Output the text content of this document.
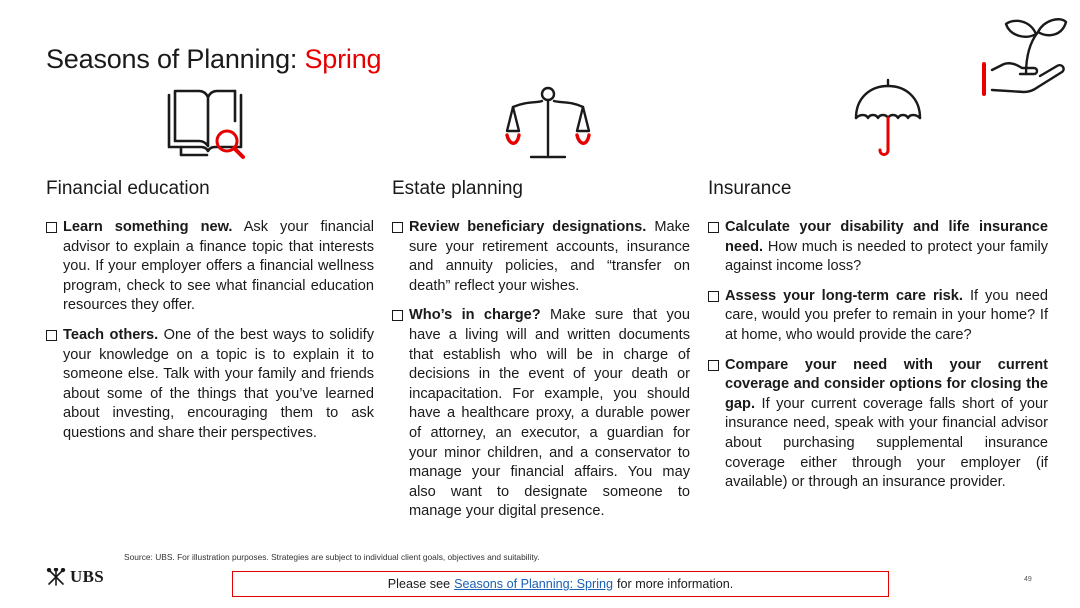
Seasons of Planning: Spring
Financial education
Learn something new. Ask your financial advisor to explain a finance topic that interests you. If your employer offers a financial wellness program, check to see what financial education resources they offer.
Teach others. One of the best ways to solidify your knowledge on a topic is to explain it to someone else. Talk with your family and friends about some of the things that you’ve learned about investing, encouraging them to ask questions and share their perspectives.
Estate planning
Review beneficiary designations. Make sure your retirement accounts, insurance and annuity policies, and “transfer on death” reflect your wishes.
Who’s in charge? Make sure that you have a living will and written documents that establish who will be in charge of decisions in the event of your death or incapacitation. For example, you should have a healthcare proxy, a durable power of attorney, an executor, a guardian for your minor children, and a conservator to manage your financial affairs. You may also want to designate someone to manage your digital presence.
Insurance
Calculate your disability and life insurance need. How much is needed to protect your family against income loss?
Assess your long-term care risk. If you need care, would you prefer to remain in your home? If at home, who would provide the care?
Compare your need with your current coverage and consider options for closing the gap. If your current coverage falls short of your insurance need, speak with your financial advisor about purchasing supplemental insurance coverage either through your employer (if available) or through an insurance provider.
Source: UBS. For illustration purposes. Strategies are subject to individual client goals, objectives and suitability.
UBS	Please see Seasons of Planning: Spring for more information.	49
